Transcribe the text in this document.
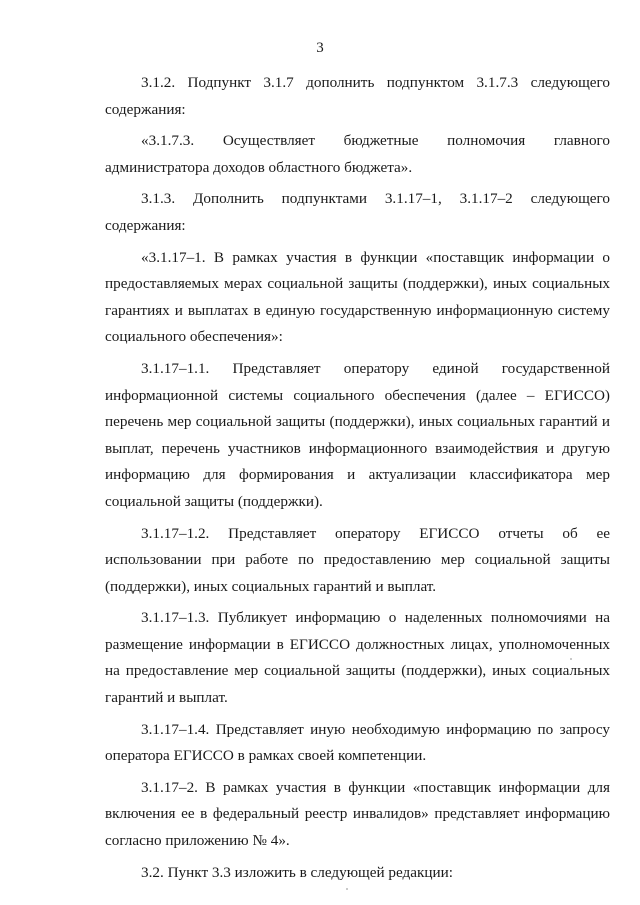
3

3.1.2. Подпункт 3.1.7 дополнить подпунктом 3.1.7.3 следующего содержания:

«3.1.7.3. Осуществляет бюджетные полномочия главного администратора доходов областного бюджета».

3.1.3. Дополнить подпунктами 3.1.17–1, 3.1.17–2 следующего содержания:

«3.1.17–1. В рамках участия в функции «поставщик информации о предоставляемых мерах социальной защиты (поддержки), иных социальных гарантиях и выплатах в единую государственную информационную систему социального обеспечения»:

3.1.17–1.1. Представляет оператору единой государственной информационной системы социального обеспечения (далее – ЕГИССО) перечень мер социальной защиты (поддержки), иных социальных гарантий и выплат, перечень участников информационного взаимодействия и другую информацию для формирования и актуализации классификатора мер социальной защиты (поддержки).

3.1.17–1.2. Представляет оператору ЕГИССО отчеты об ее использовании при работе по предоставлению мер социальной защиты (поддержки), иных социальных гарантий и выплат.

3.1.17–1.3. Публикует информацию о наделенных полномочиями на размещение информации в ЕГИССО должностных лицах, уполномоченных на предоставление мер социальной защиты (поддержки), иных социальных гарантий и выплат.

3.1.17–1.4. Представляет иную необходимую информацию по запросу оператора ЕГИССО в рамках своей компетенции.

3.1.17–2. В рамках участия в функции «поставщик информации для включения ее в федеральный реестр инвалидов» представляет информацию согласно приложению № 4».

3.2. Пункт 3.3 изложить в следующей редакции:
